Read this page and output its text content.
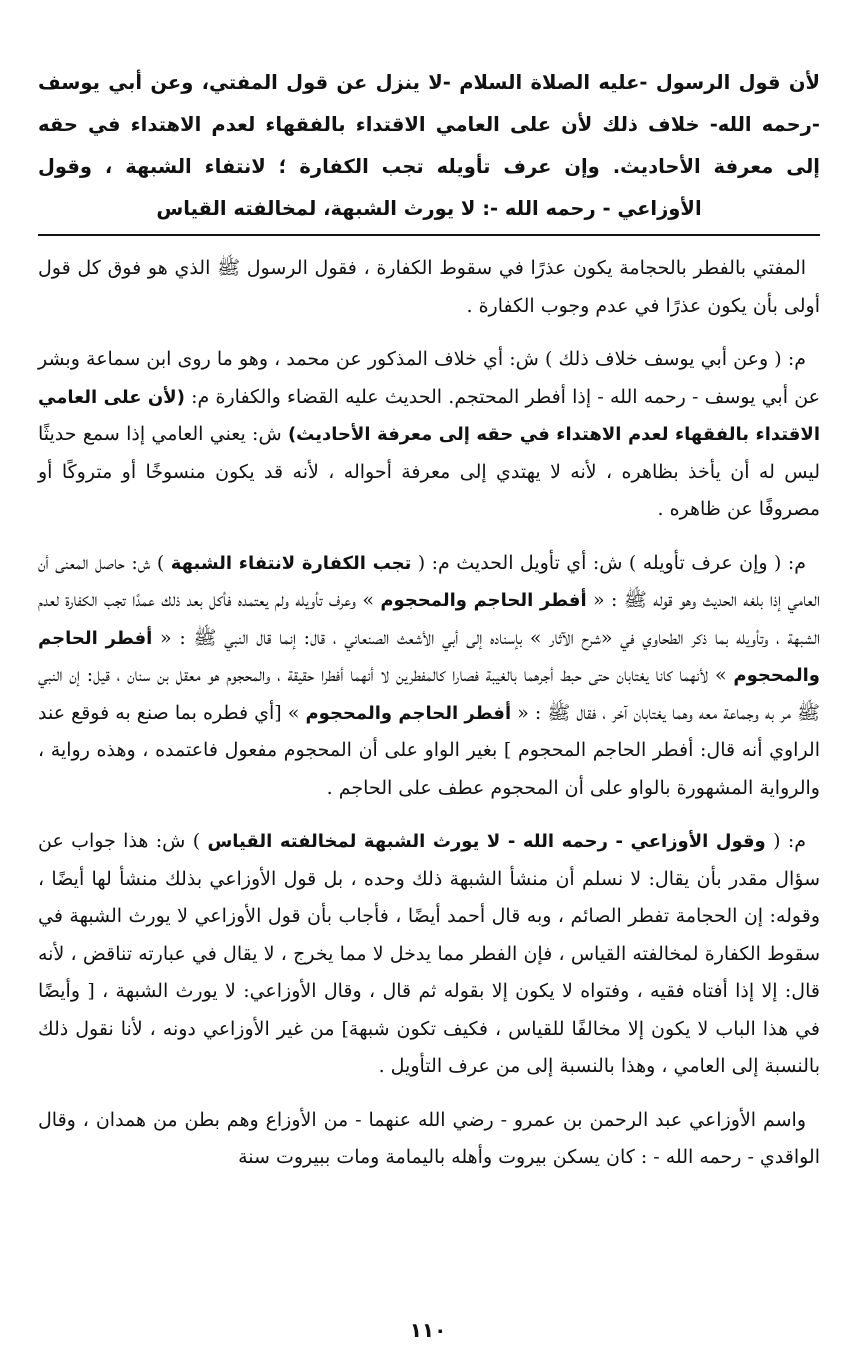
لأن قول الرسول -عليه الصلاة السلام -لا ينزل عن قول المفتي، وعن أبي يوسف -رحمه الله- خلاف ذلك لأن على العامي الاقتداء بالفقهاء لعدم الاهتداء في حقه إلى معرفة الأحاديث. وإن عرف تأويله تجب الكفارة ؛ لانتفاء الشبهة ، وقول الأوزاعي - رحمه الله -: لا يورث الشبهة، لمخالفته القياس

المفتي بالفطر بالحجامة يكون عذرًا في سقوط الكفارة ، فقول الرسول ﷺ الذي هو فوق كل قول أولى بأن يكون عذرًا في عدم وجوب الكفارة .

م: ( وعن أبي يوسف خلاف ذلك ) ش: أي خلاف المذكور عن محمد ، وهو ما روى ابن سماعة وبشر عن أبي يوسف - رحمه الله - إذا أفطر المحتجم. الحديث عليه القضاء والكفارة م: (لأن على العامي الاقتداء بالفقهاء لعدم الاهتداء في حقه إلى معرفة الأحاديث) ش: يعني العامي إذا سمع حديثًا ليس له أن يأخذ بظاهره ، لأنه لا يهتدي إلى معرفة أحواله ، لأنه قد يكون منسوخًا أو متروكًا أو مصروفًا عن ظاهره .

م: ( وإن عرف تأويله ) ش: أي تأويل الحديث م: ( تجب الكفارة لانتفاء الشبهة ) ش: حاصل المعنى أن العامي إذا بلغه الحديث وهو قوله ﷺ : « أفطر الحاجم والمحجوم » وعرف تأويله ولم يعتمده فأكل بعد ذلك عمدًا تجب الكفارة لعدم الشبهة ، وتأويله بما ذكر الطحاوي في «شرح الآثار » بإسناده إلى أبي الأشعث الصنعاني ، قال: إنما قال النبي ﷺ : « أفطر الحاجم والمحجوم » لأنهما كانا يغتابان حتى حبط أجرهما بالغيبة فصارا كالمفطرين لا أنهما أفطرا حقيقة ، والمحجوم هو معقل بن سنان ، قيل: إن النبي ﷺ مر به وجماعة معه وهما يغتابان آخر ، فقال ﷺ : « أفطر الحاجم والمحجوم » [أي فطره بما صنع به فوقع عند الراوي أنه قال: أفطر الحاجم المحجوم ] بغير الواو على أن المحجوم مفعول فاعتمده ، وهذه رواية ، والرواية المشهورة بالواو على أن المحجوم عطف على الحاجم .

م: ( وقول الأوزاعي - رحمه الله - لا يورث الشبهة لمخالفته القياس ) ش: هذا جواب عن سؤال مقدر بأن يقال: لا نسلم أن منشأ الشبهة ذلك وحده ، بل قول الأوزاعي بذلك منشأ لها أيضًا ، وقوله: إن الحجامة تفطر الصائم ، وبه قال أحمد أيضًا ، فأجاب بأن قول الأوزاعي لا يورث الشبهة في سقوط الكفارة لمخالفته القياس ، فإن الفطر مما يدخل لا مما يخرج ، لا يقال في عبارته تناقض ، لأنه قال: إلا إذا أفتاه فقيه ، وفتواه لا يكون إلا بقوله ثم قال ، وقال الأوزاعي: لا يورث الشبهة ، [ وأيضًا في هذا الباب لا يكون إلا مخالفًا للقياس ، فكيف تكون شبهة] من غير الأوزاعي دونه ، لأنا نقول ذلك بالنسبة إلى العامي ، وهذا بالنسبة إلى من عرف التأويل .

واسم الأوزاعي عبد الرحمن بن عمرو - رضي الله عنهما - من الأوزاع وهم بطن من همدان ، وقال الواقدي - رحمه الله - : كان يسكن بيروت وأهله باليمامة ومات ببيروت سنة

١١٠
